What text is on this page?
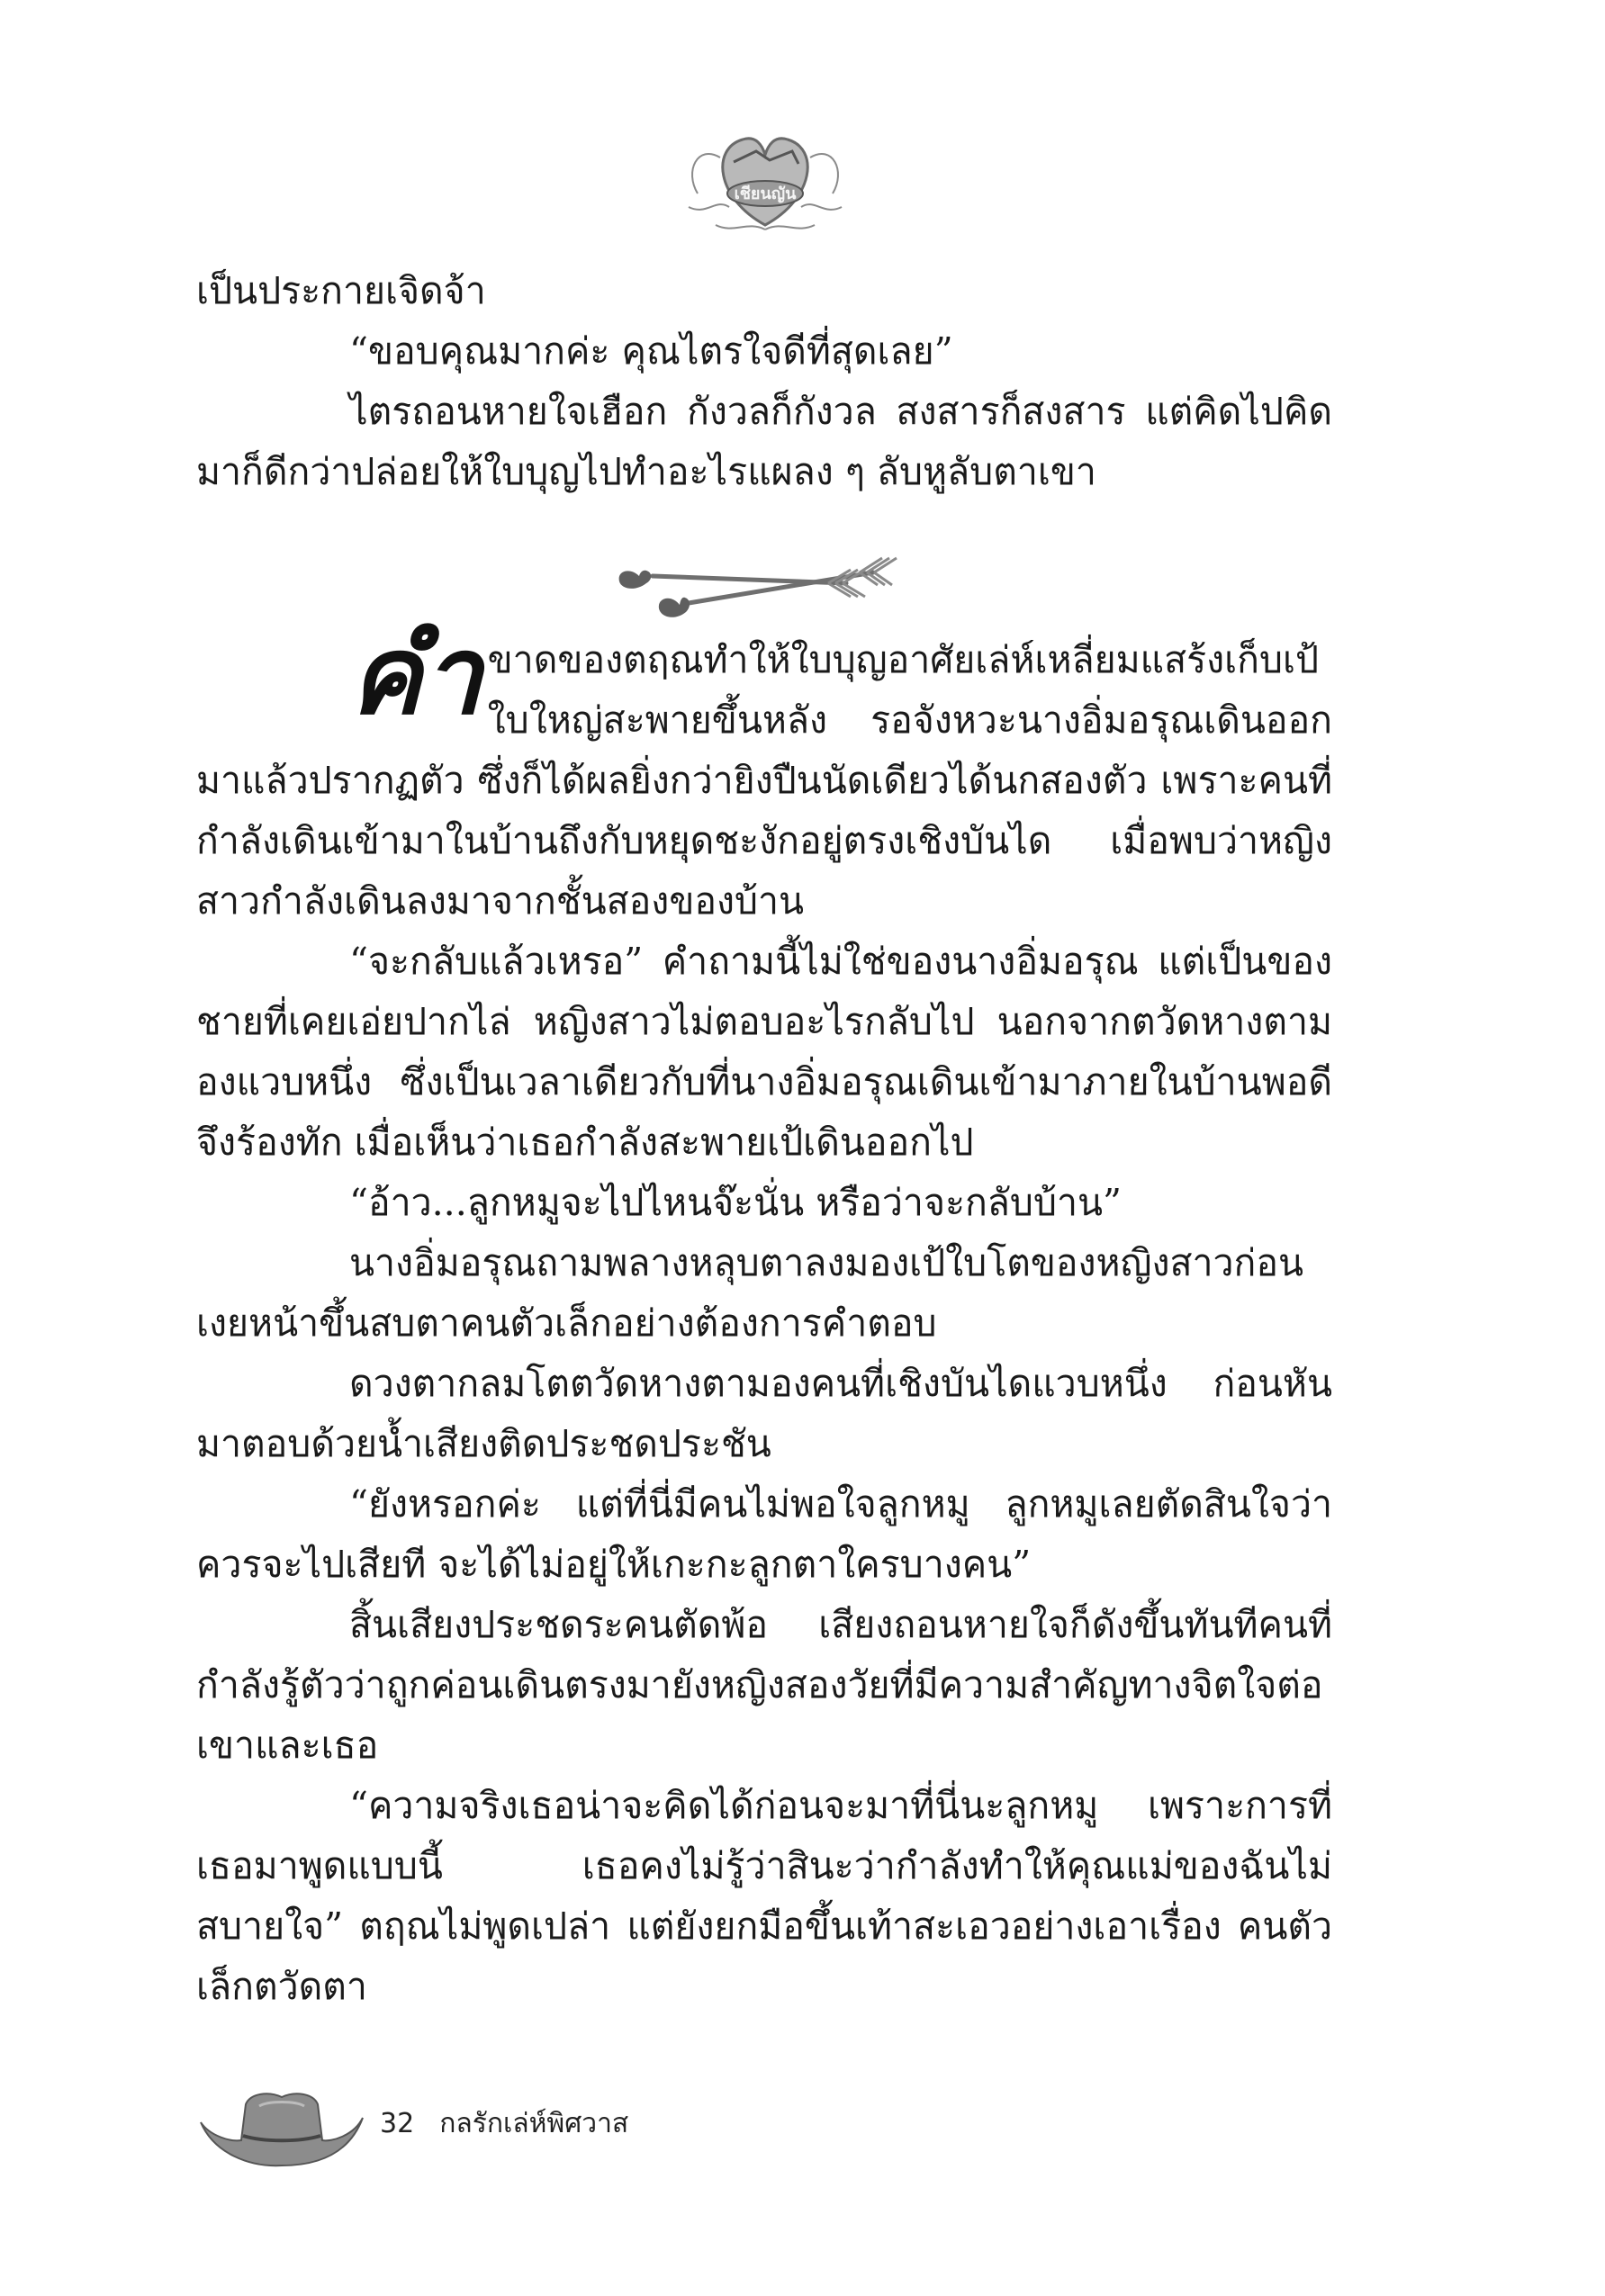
เชียนญัน

เป็นประกายเจิดจ้า

“ขอบคุณมากค่ะ คุณไตรใจดีที่สุดเลย”

ไตรถอนหายใจเฮือก กังวลก็กังวล สงสารก็สงสาร แต่คิดไปคิดมาก็ดีกว่าปล่อยให้ใบบุญไปทำอะไรแผลง ๆ ลับหูลับตาเขา

คำ ขาดของตฤณทำให้ใบบุญอาศัยเล่ห์เหลี่ยมแสร้งเก็บเป้ใบใหญ่สะพายขึ้นหลัง รอจังหวะนางอิ่มอรุณเดินออกมาแล้วปรากฏตัว ซึ่งก็ได้ผลยิ่งกว่ายิงปืนนัดเดียวได้นกสองตัว เพราะคนที่กำลังเดินเข้ามาในบ้านถึงกับหยุดชะงักอยู่ตรงเชิงบันได เมื่อพบว่าหญิงสาวกำลังเดินลงมาจากชั้นสองของบ้าน

“จะกลับแล้วเหรอ” คำถามนี้ไม่ใช่ของนางอิ่มอรุณ แต่เป็นของชายที่เคยเอ่ยปากไล่ หญิงสาวไม่ตอบอะไรกลับไป นอกจากตวัดหางตามองแวบหนึ่ง ซึ่งเป็นเวลาเดียวกับที่นางอิ่มอรุณเดินเข้ามาภายในบ้านพอดีจึงร้องทัก เมื่อเห็นว่าเธอกำลังสะพายเป้เดินออกไป

“อ้าว...ลูกหมูจะไปไหนจ๊ะนั่น หรือว่าจะกลับบ้าน”

นางอิ่มอรุณถามพลางหลุบตาลงมองเป้ใบโตของหญิงสาวก่อนเงยหน้าขึ้นสบตาคนตัวเล็กอย่างต้องการคำตอบ

ดวงตากลมโตตวัดหางตามองคนที่เชิงบันไดแวบหนึ่ง ก่อนหันมาตอบด้วยน้ำเสียงติดประชดประชัน

“ยังหรอกค่ะ แต่ที่นี่มีคนไม่พอใจลูกหมู ลูกหมูเลยตัดสินใจว่าควรจะไปเสียที จะได้ไม่อยู่ให้เกะกะลูกตาใครบางคน”

สิ้นเสียงประชดระคนตัดพ้อ เสียงถอนหายใจก็ดังขึ้นทันทีคนที่กำลังรู้ตัวว่าถูกค่อนเดินตรงมายังหญิงสองวัยที่มีความสำคัญทางจิตใจต่อเขาและเธอ

“ความจริงเธอน่าจะคิดได้ก่อนจะมาที่นี่นะลูกหมู เพราะการที่เธอมาพูดแบบนี้ เธอคงไม่รู้ว่าสินะว่ากำลังทำให้คุณแม่ของฉันไม่สบายใจ” ตฤณไม่พูดเปล่า แต่ยังยกมือขึ้นเท้าสะเอวอย่างเอาเรื่อง คนตัวเล็กตวัดตา

32 กลรักเล่ห์พิศวาส
